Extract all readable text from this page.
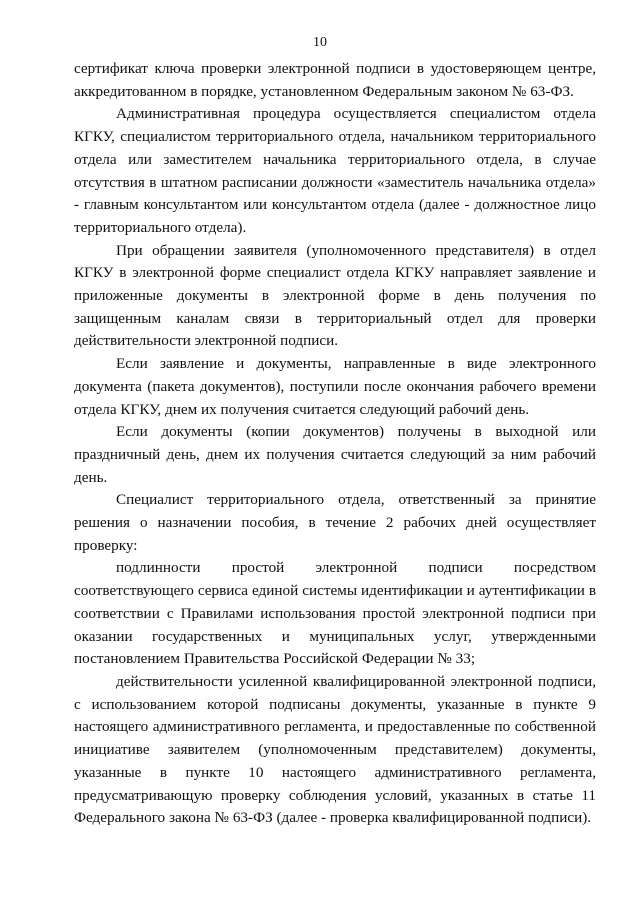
10

сертификат ключа проверки электронной подписи в удостоверяющем центре, аккредитованном в порядке, установленном Федеральным законом № 63-ФЗ.

Административная процедура осуществляется специалистом отдела КГКУ, специалистом территориального отдела, начальником территориального отдела или заместителем начальника территориального отдела, в случае отсутствия в штатном расписании должности «заместитель начальника отдела» - главным консультантом или консультантом отдела (далее - должностное лицо территориального отдела).

При обращении заявителя (уполномоченного представителя) в отдел КГКУ в электронной форме специалист отдела КГКУ направляет заявление и приложенные документы в электронной форме в день получения по защищенным каналам связи в территориальный отдел для проверки действительности электронной подписи.

Если заявление и документы, направленные в виде электронного документа (пакета документов), поступили после окончания рабочего времени отдела КГКУ, днем их получения считается следующий рабочий день.

Если документы (копии документов) получены в выходной или праздничный день, днем их получения считается следующий за ним рабочий день.

Специалист территориального отдела, ответственный за принятие решения о назначении пособия, в течение 2 рабочих дней осуществляет проверку:

подлинности простой электронной подписи посредством соответствующего сервиса единой системы идентификации и аутентификации в соответствии с Правилами использования простой электронной подписи при оказании государственных и муниципальных услуг, утвержденными постановлением Правительства Российской Федерации № 33;

действительности усиленной квалифицированной электронной подписи, с использованием которой подписаны документы, указанные в пункте 9 настоящего административного регламента, и предоставленные по собственной инициативе заявителем (уполномоченным представителем) документы, указанные в пункте 10 настоящего административного регламента, предусматривающую проверку соблюдения условий, указанных в статье 11 Федерального закона № 63-ФЗ (далее - проверка квалифицированной подписи).
